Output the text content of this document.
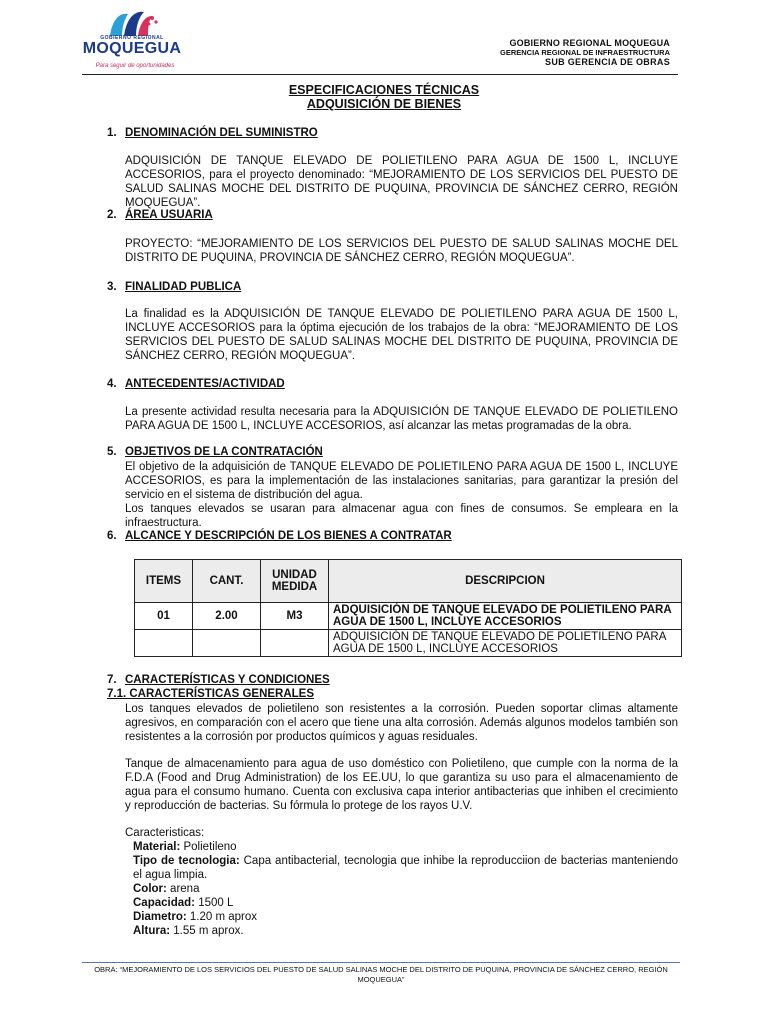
GOBIERNO REGIONAL
MOQUEGUA
Para seguir de oportunidades
GOBIERNO REGIONAL MOQUEGUA
GERENCIA REGIONAL DE INFRAESTRUCTURA
SUB GERENCIA DE OBRAS
ESPECIFICACIONES TÉCNICAS
ADQUISICIÓN DE BIENES
1. DENOMINACIÓN DEL SUMINISTRO
ADQUISICIÓN DE TANQUE ELEVADO DE POLIETILENO PARA AGUA DE 1500 L, INCLUYE ACCESORIOS, para el proyecto denominado: “MEJORAMIENTO DE LOS SERVICIOS DEL PUESTO DE SALUD SALINAS MOCHE DEL DISTRITO DE PUQUINA, PROVINCIA DE SÁNCHEZ CERRO, REGIÓN MOQUEGUA”.
2. ÁREA USUARIA
PROYECTO: “MEJORAMIENTO DE LOS SERVICIOS DEL PUESTO DE SALUD SALINAS MOCHE DEL DISTRITO DE PUQUINA, PROVINCIA DE SÁNCHEZ CERRO, REGIÓN MOQUEGUA”.
3. FINALIDAD PUBLICA
La finalidad es la ADQUISICIÓN DE TANQUE ELEVADO DE POLIETILENO PARA AGUA DE 1500 L, INCLUYE ACCESORIOS para la óptima ejecución de los trabajos de la obra: “MEJORAMIENTO DE LOS SERVICIOS DEL PUESTO DE SALUD SALINAS MOCHE DEL DISTRITO DE PUQUINA, PROVINCIA DE SÁNCHEZ CERRO, REGIÓN MOQUEGUA”.
4. ANTECEDENTES/ACTIVIDAD
La presente actividad resulta necesaria para la ADQUISICIÓN DE TANQUE ELEVADO DE POLIETILENO PARA AGUA DE 1500 L, INCLUYE ACCESORIOS, así alcanzar las metas programadas de la obra.
5. OBJETIVOS DE LA CONTRATACIÓN
El objetivo de la adquisición de TANQUE ELEVADO DE POLIETILENO PARA AGUA DE 1500 L, INCLUYE ACCESORIOS, es para la implementación de las instalaciones sanitarias, para garantizar la presión del servicio en el sistema de distribución del agua.
Los tanques elevados se usaran para almacenar agua con fines de consumos. Se empleara en la infraestructura.
6. ALCANCE Y DESCRIPCIÓN DE LOS BIENES A CONTRATAR
ITEMS	CANT.	UNIDAD MEDIDA	DESCRIPCION
01	2.00	M3	ADQUISICIÓN DE TANQUE ELEVADO DE POLIETILENO PARA AGUA DE 1500 L, INCLUYE ACCESORIOS
			ADQUISICIÓN DE TANQUE ELEVADO DE POLIETILENO PARA AGUA DE 1500 L, INCLUYE ACCESORIOS
7. CARACTERÍSTICAS Y CONDICIONES
7.1. CARACTERÍSTICAS GENERALES
Los tanques elevados de polietileno son resistentes a la corrosión. Pueden soportar climas altamente agresivos, en comparación con el acero que tiene una alta corrosión. Además algunos modelos también son resistentes a la corrosión por productos químicos y aguas residuales.
Tanque de almacenamiento para agua de uso doméstico con Polietileno, que cumple con la norma de la F.D.A (Food and Drug Administration) de los EE.UU, lo que garantiza su uso para el almacenamiento de agua para el consumo humano. Cuenta con exclusiva capa interior antibacterias que inhiben el crecimiento y reproducción de bacterias. Su fórmula lo protege de los rayos U.V.
Caracteristicas:
Material: Polietileno
Tipo de tecnologia: Capa antibacterial, tecnologia que inhibe la reproducciion de bacterias manteniendo el agua limpia.
Color: arena
Capacidad: 1500 L
Diametro: 1.20 m aprox
Altura: 1.55 m aprox.
OBRA: “MEJORAMIENTO DE LOS SERVICIOS DEL PUESTO DE SALUD SALINAS MOCHE DEL DISTRITO DE PUQUINA, PROVINCIA DE SÁNCHEZ CERRO, REGIÓN MOQUEGUA”
